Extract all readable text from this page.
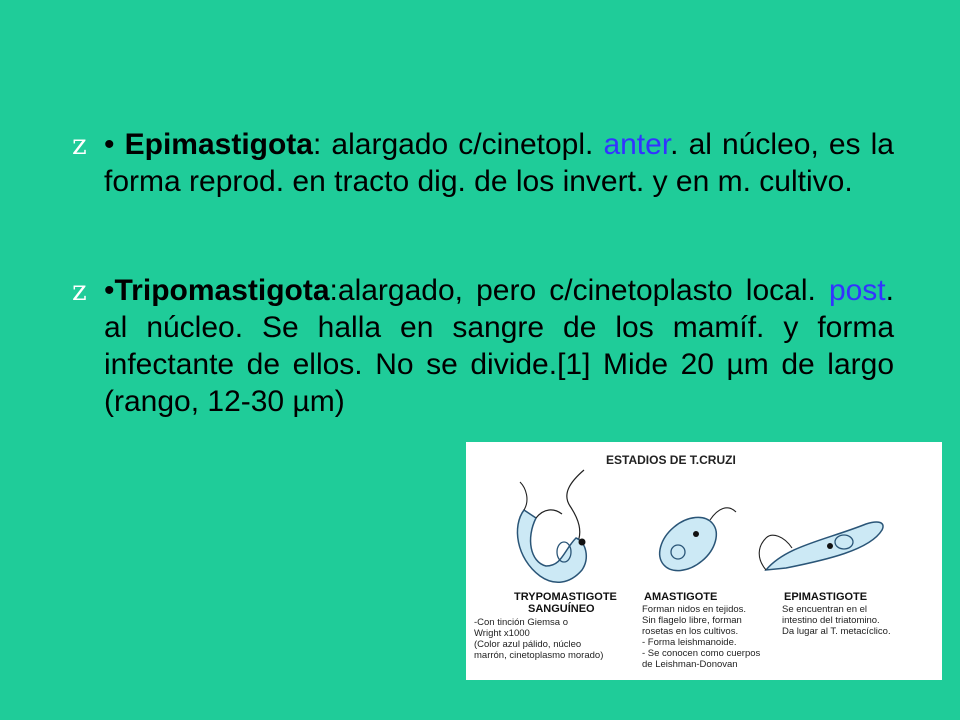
z • Epimastigota: alargado c/cinetopl. anter. al núcleo, es la forma reprod. en tracto dig. de los invert. y en m. cultivo.
z •Tripomastigota:alargado, pero c/cinetoplasto local. post. al núcleo. Se halla en sangre de los mamíf. y forma infectante de ellos. No se divide.[1] Mide 20 µm de largo (rango, 12-30 µm)
ESTADIOS DE T.CRUZI
TRYPOMASTIGOTE
SANGUÍNEO
-Con tinción Giemsa o
Wright x1000
(Color azul pálido, núcleo
marrón, cinetoplasmo morado)
AMASTIGOTE
Forman nidos en tejidos.
Sin flagelo libre, forman
rosetas en los cultivos.
- Forma leishmanoide.
- Se conocen como cuerpos
de Leishman-Donovan
EPIMASTIGOTE
Se encuentran en el
intestino del triatomino.
Da lugar al T. metacíclico.
